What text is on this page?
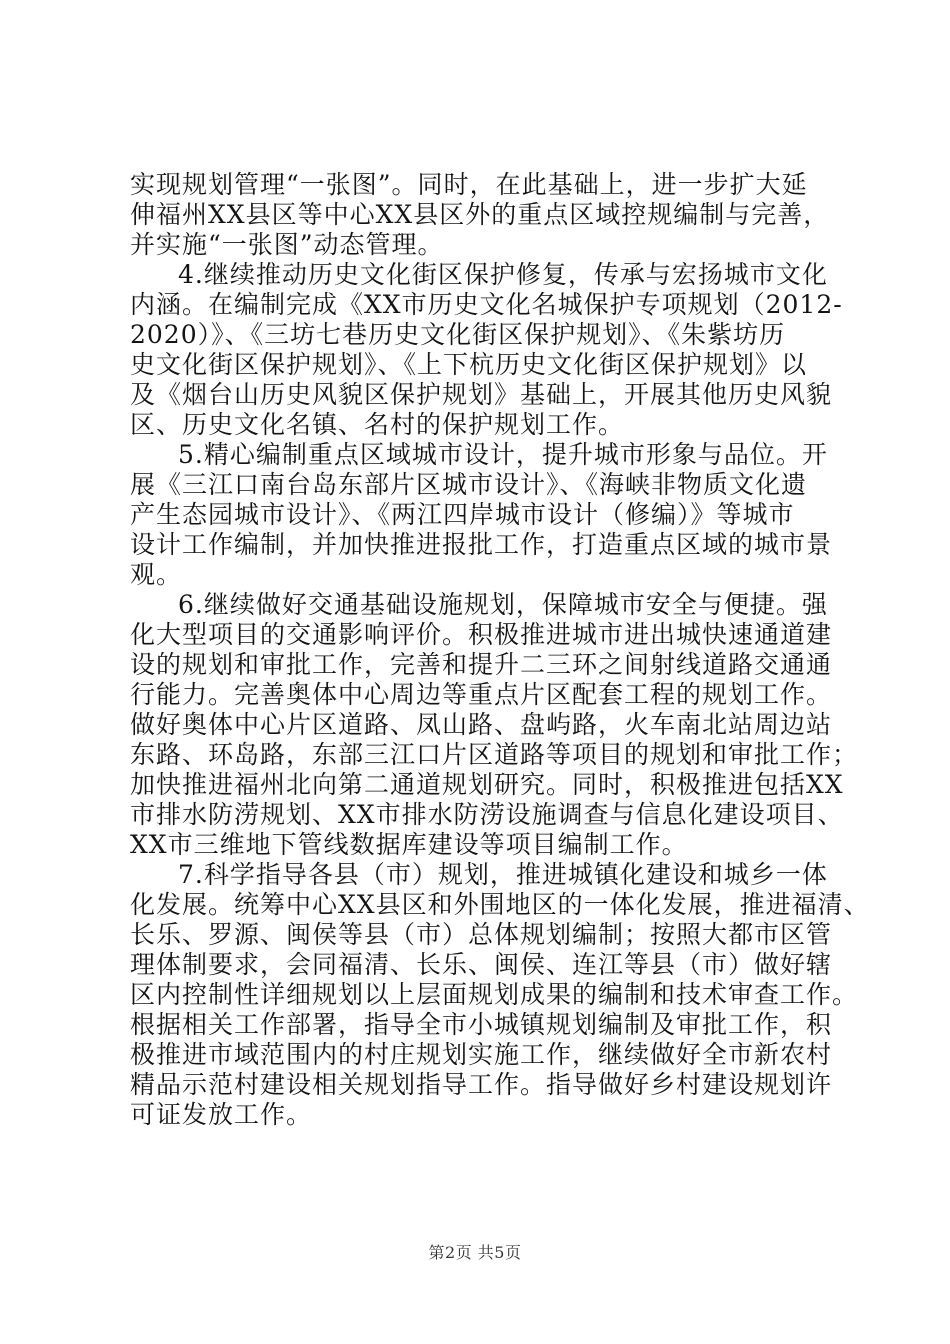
实现规划管理“一张图”。同时，在此基础上，进一步扩大延
伸福州XX县区等中心XX县区外的重点区域控规编制与完善，
并实施“一张图”动态管理。
4.继续推动历史文化街区保护修复，传承与宏扬城市文化
内涵。在编制完成《XX市历史文化名城保护专项规划（2012-
2020）》、《三坊七巷历史文化街区保护规划》、《朱紫坊历
史文化街区保护规划》、《上下杭历史文化街区保护规划》以
及《烟台山历史风貌区保护规划》基础上，开展其他历史风貌
区、历史文化名镇、名村的保护规划工作。
5.精心编制重点区域城市设计，提升城市形象与品位。开
展《三江口南台岛东部片区城市设计》、《海峡非物质文化遗
产生态园城市设计》、《两江四岸城市设计（修编）》等城市
设计工作编制，并加快推进报批工作，打造重点区域的城市景
观。
6.继续做好交通基础设施规划，保障城市安全与便捷。强
化大型项目的交通影响评价。积极推进城市进出城快速通道建
设的规划和审批工作，完善和提升二三环之间射线道路交通通
行能力。完善奥体中心周边等重点片区配套工程的规划工作。
做好奥体中心片区道路、凤山路、盘屿路，火车南北站周边站
东路、环岛路，东部三江口片区道路等项目的规划和审批工作；
加快推进福州北向第二通道规划研究。同时，积极推进包括XX
市排水防涝规划、XX市排水防涝设施调查与信息化建设项目、
XX市三维地下管线数据库建设等项目编制工作。
7.科学指导各县（市）规划，推进城镇化建设和城乡一体
化发展。统筹中心XX县区和外围地区的一体化发展，推进福清、
长乐、罗源、闽侯等县（市）总体规划编制；按照大都市区管
理体制要求，会同福清、长乐、闽侯、连江等县（市）做好辖
区内控制性详细规划以上层面规划成果的编制和技术审查工作。
根据相关工作部署，指导全市小城镇规划编制及审批工作，积
极推进市域范围内的村庄规划实施工作，继续做好全市新农村
精品示范村建设相关规划指导工作。指导做好乡村建设规划许
可证发放工作。
第2页 共5页
